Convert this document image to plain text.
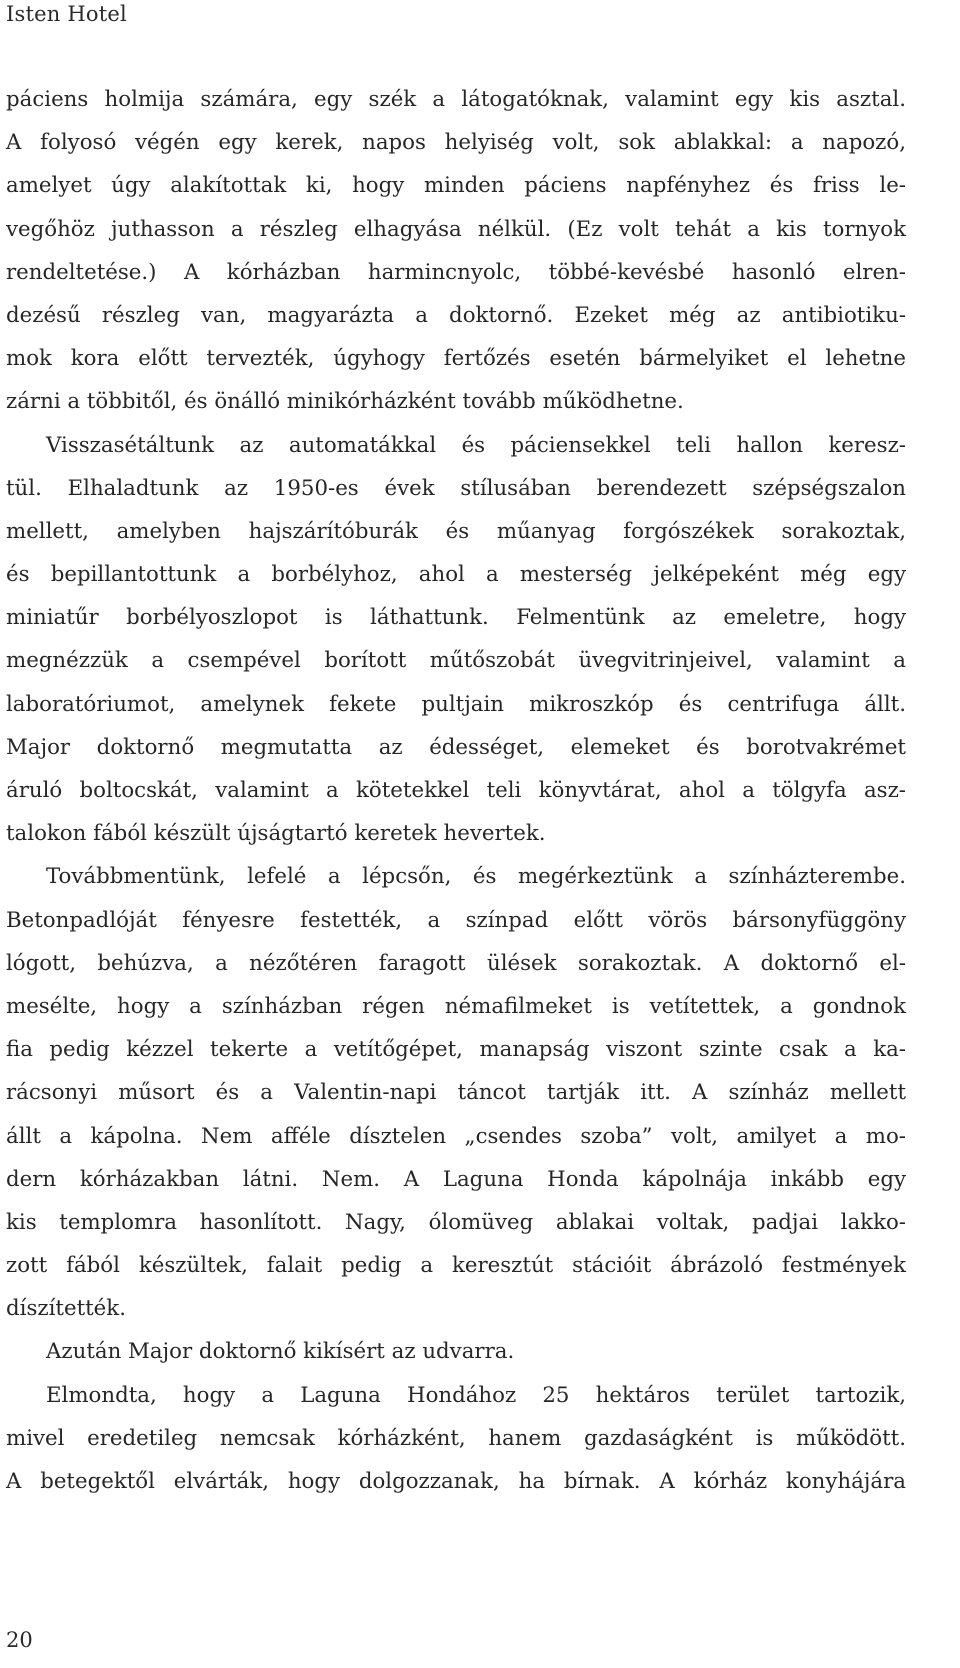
Isten Hotel
páciens holmija számára, egy szék a látogatóknak, valamint egy kis asztal.
A folyosó végén egy kerek, napos helyiség volt, sok ablakkal: a napozó,
amelyet úgy alakítottak ki, hogy minden páciens napfényhez és friss le-
vegőhöz juthasson a részleg elhagyása nélkül. (Ez volt tehát a kis tornyok
rendeltetése.) A kórházban harmincnyolc, többé-kevésbé hasonló elren-
dezésű részleg van, magyarázta a doktornő. Ezeket még az antibiotiku-
mok kora előtt tervezték, úgyhogy fertőzés esetén bármelyiket el lehetne
zárni a többitől, és önálló minikórházként tovább működhetne.
Visszasétáltunk az automatákkal és páciensekkel teli hallon keresz-
tül. Elhaladtunk az 1950-es évek stílusában berendezett szépségszalon
mellett, amelyben hajszárítóburák és műanyag forgószékek sorakoztak,
és bepillantottunk a borbélyhoz, ahol a mesterség jelképeként még egy
miniatűr borbélyoszlopot is láthattunk. Felmentünk az emeletre, hogy
megnézzük a csempével borított műtőszobát üvegvitrinjeivel, valamint a
laboratóriumot, amelynek fekete pultjain mikroszkóp és centrifuga állt.
Major doktornő megmutatta az édességet, elemeket és borotvakrémet
áruló boltocskát, valamint a kötetekkel teli könyvtárat, ahol a tölgyfa asz-
talokon fából készült újságtartó keretek hevertek.
Továbbmentünk, lefelé a lépcsőn, és megérkeztünk a színházterembe.
Betonpadlóját fényesre festették, a színpad előtt vörös bársonyfüggöny
lógott, behúzva, a nézőtéren faragott ülések sorakoztak. A doktornő el-
mesélte, hogy a színházban régen némafilmeket is vetítettek, a gondnok
fia pedig kézzel tekerte a vetítőgépet, manapság viszont szinte csak a ka-
rácsonyi műsort és a Valentin-napi táncot tartják itt. A színház mellett
állt a kápolna. Nem afféle dísztelen „csendes szoba” volt, amilyet a mo-
dern kórházakban látni. Nem. A Laguna Honda kápolnája inkább egy
kis templomra hasonlított. Nagy, ólomüveg ablakai voltak, padjai lakko-
zott fából készültek, falait pedig a keresztút stációit ábrázoló festmények
díszítették.
Azután Major doktornő kikísért az udvarra.
Elmondta, hogy a Laguna Hondához 25 hektáros terület tartozik,
mivel eredetileg nemcsak kórházként, hanem gazdaságként is működött.
A betegektől elvárták, hogy dolgozzanak, ha bírnak. A kórház konyhájára
20
